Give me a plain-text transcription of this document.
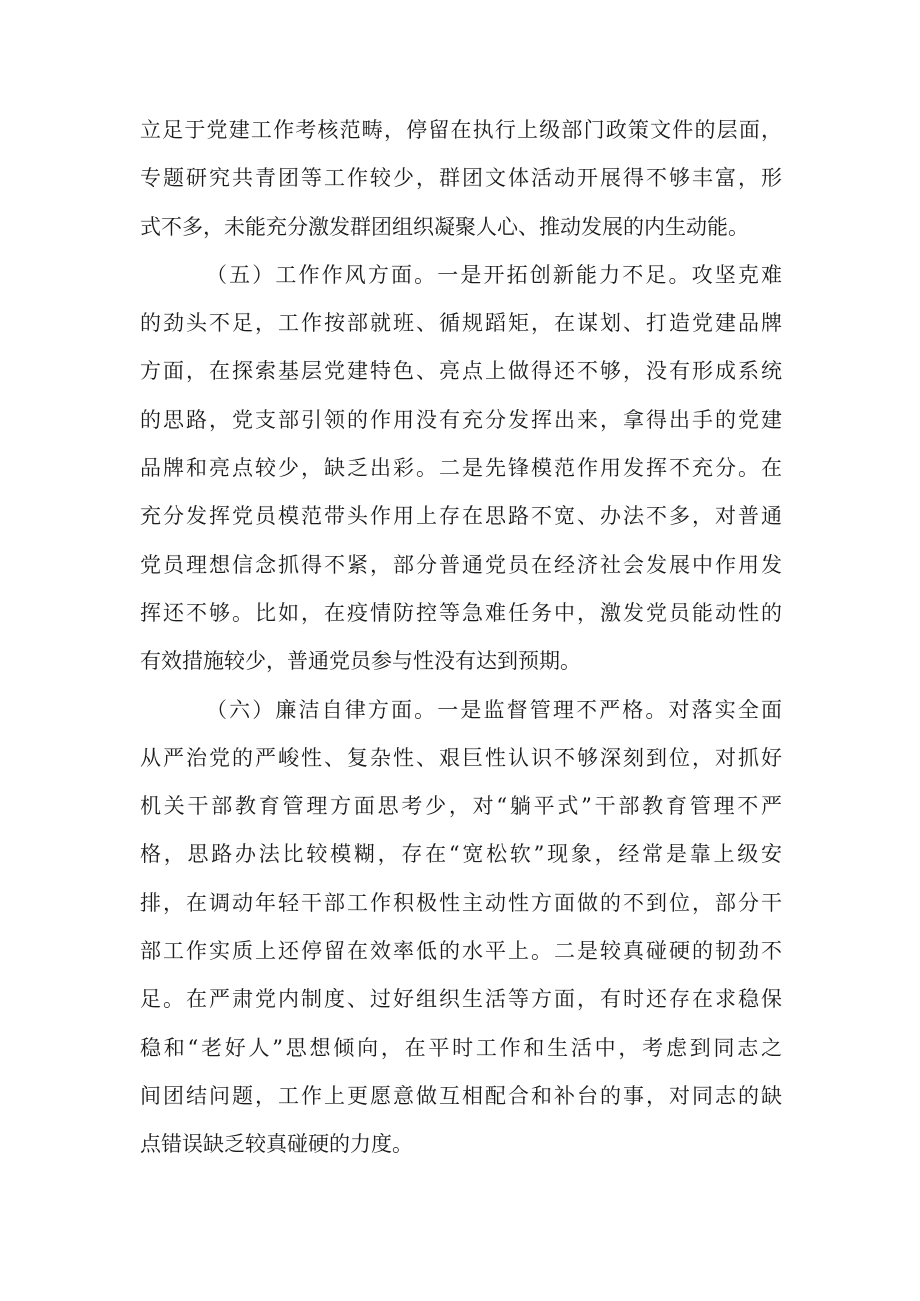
立足于党建工作考核范畴，停留在执行上级部门政策文件的层面，
专题研究共青团等工作较少，群团文体活动开展得不够丰富，形
式不多，未能充分激发群团组织凝聚人心、推动发展的内生动能。
（五）工作作风方面。一是开拓创新能力不足。攻坚克难
的劲头不足，工作按部就班、循规蹈矩，在谋划、打造党建品牌
方面，在探索基层党建特色、亮点上做得还不够，没有形成系统
的思路，党支部引领的作用没有充分发挥出来，拿得出手的党建
品牌和亮点较少，缺乏出彩。二是先锋模范作用发挥不充分。在
充分发挥党员模范带头作用上存在思路不宽、办法不多，对普通
党员理想信念抓得不紧，部分普通党员在经济社会发展中作用发
挥还不够。比如，在疫情防控等急难任务中，激发党员能动性的
有效措施较少，普通党员参与性没有达到预期。
（六）廉洁自律方面。一是监督管理不严格。对落实全面
从严治党的严峻性、复杂性、艰巨性认识不够深刻到位，对抓好
机关干部教育管理方面思考少，对“躺平式”干部教育管理不严
格，思路办法比较模糊，存在“宽松软”现象，经常是靠上级安
排，在调动年轻干部工作积极性主动性方面做的不到位，部分干
部工作实质上还停留在效率低的水平上。二是较真碰硬的韧劲不
足。在严肃党内制度、过好组织生活等方面，有时还存在求稳保
稳和“老好人”思想倾向，在平时工作和生活中，考虑到同志之
间团结问题，工作上更愿意做互相配合和补台的事，对同志的缺
点错误缺乏较真碰硬的力度。
